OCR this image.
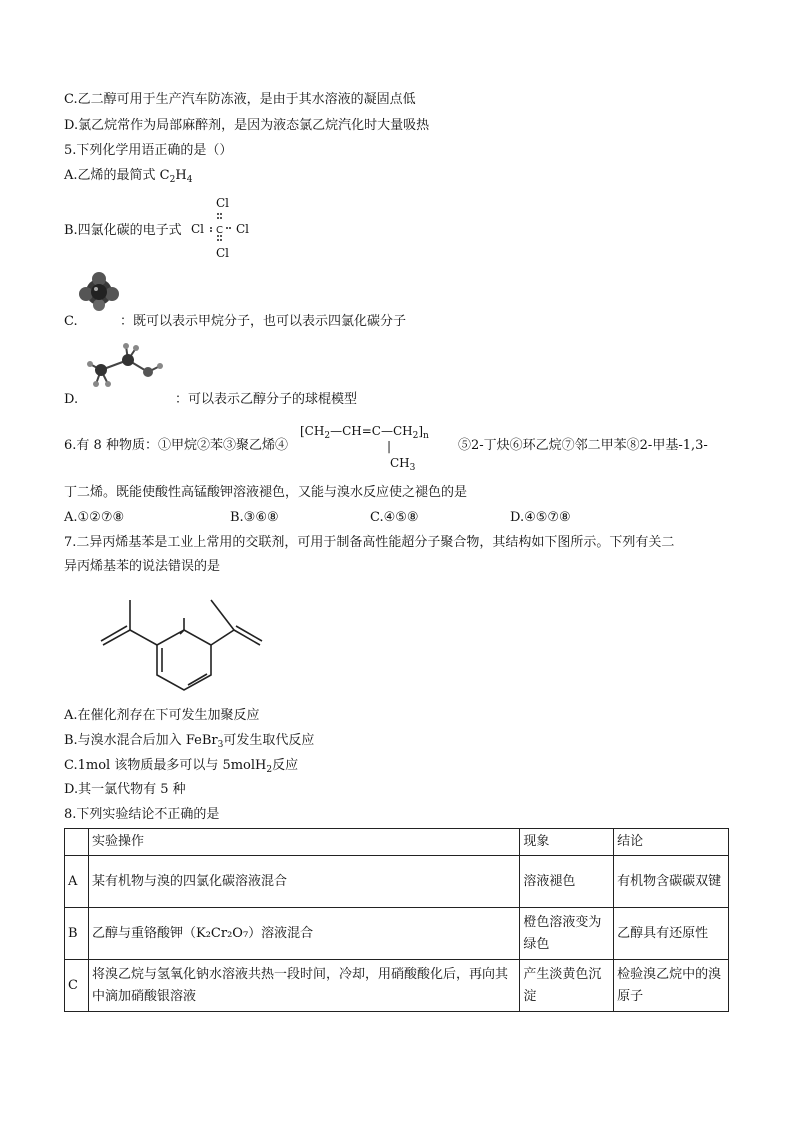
C.乙二醇可用于生产汽车防冻液，是由于其水溶液的凝固点低
D.氯乙烷常作为局部麻醉剂，是因为液态氯乙烷汽化时大量吸热
5.下列化学用语正确的是（）
A.乙烯的最简式 $C_2H_4$
B.四氯化碳的电子式
Cl
Cl	Cl
Cl
C
C.	：既可以表示甲烷分子，也可以表示四氯化碳分子
D.	：可以表示乙醇分子的球棍模型
6.有 8 种物质：①甲烷②苯③聚乙烯④
$[CH_2—CH=C—CH_2]_n$
|
$CH_3$
⑤2-丁炔⑥环乙烷⑦邻二甲苯⑧2-甲基-1,3-
丁二烯。既能使酸性高锰酸钾溶液褪色，又能与溴水反应使之褪色的是
A.①②⑦⑧	B.③⑥⑧	C.④⑤⑧	D.④⑤⑦⑧
7.二异丙烯基苯是工业上常用的交联剂，可用于制备高性能超分子聚合物，其结构如下图所示。下列有关二
异丙烯基苯的说法错误的是
A.在催化剂存在下可发生加聚反应
B.与溴水混合后加入 FeBr$_3$可发生取代反应
C.1mol 该物质最多可以与 5molH$_2$反应
D.其一氯代物有 5 种
8.下列实验结论不正确的是
	实验操作	现象	结论
A	某有机物与溴的四氯化碳溶液混合	溶液褪色	有机物含碳碳双键
B	乙醇与重铬酸钾（K₂Cr₂O₇）溶液混合	橙色溶液变为绿色	乙醇具有还原性
C	将溴乙烷与氢氧化钠水溶液共热一段时间，冷却，用硝酸酸化后，再向其中滴加硝酸银溶液	产生淡黄色沉淀	检验溴乙烷中的溴原子
